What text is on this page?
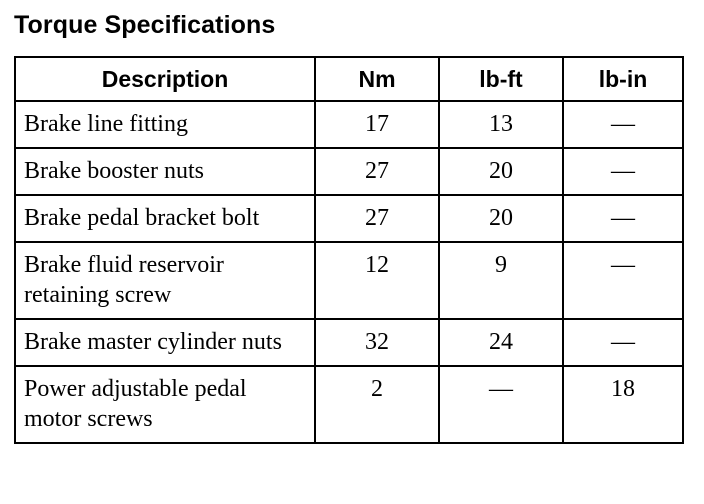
Torque Specifications
Description	Nm	lb-ft	lb-in
Brake line fitting	17	13	—
Brake booster nuts	27	20	—
Brake pedal bracket bolt	27	20	—
Brake fluid reservoir retaining screw	12	9	—
Brake master cylinder nuts	32	24	—
Power adjustable pedal motor screws	2	—	18
